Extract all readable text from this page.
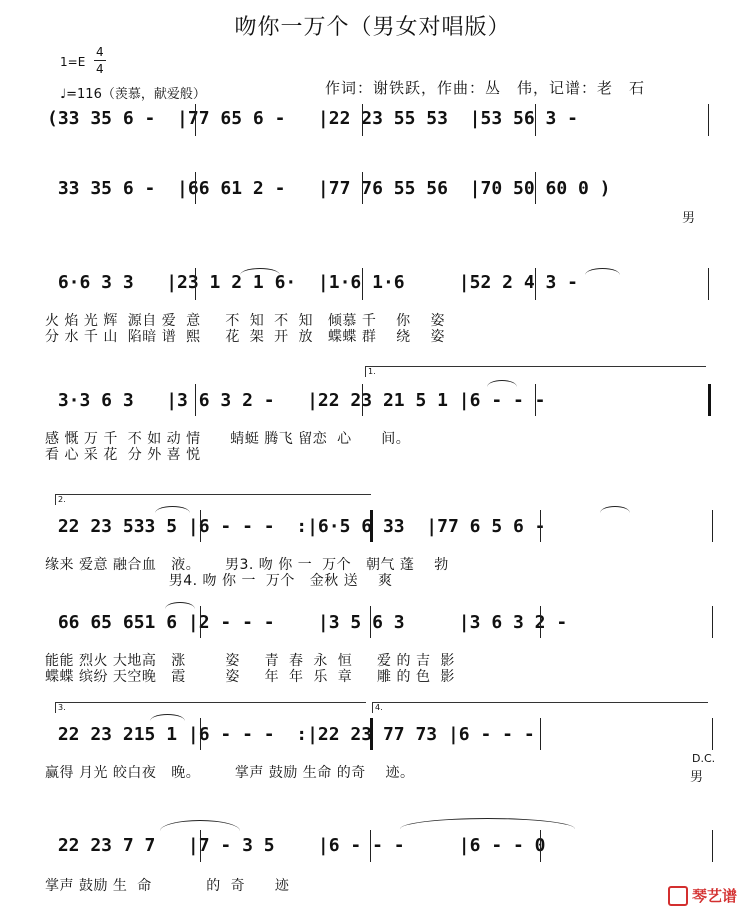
吻你一万个（男女对唱版）
1=E
4
4
♩=116（羡慕，献爱般）	作词：谢铁跃，作曲：丛　伟，记谱：老　石
(33 35 6 -  |77 65 6 -   |22 23 55 53  |53 56 3 -
33 35 6 -  |66 61 2 -   |77 76 55 56  |70 50 60 0 )
男
6·6 3 3   |23 1 2 1 6·  |1·6 1·6     |52 2 4 3 -
火 焰 光 辉  源自 爱  意     不  知  不  知   倾慕 千    你    姿
分 水 千 山  陷暗 谱  熙     花  架  开  放   蝶蝶 群    绕    姿
1.
3·3 6 3   |3 6 3 2 -   |22 23 21 5 1 |6 - - -
感 慨 万 千  不 如 动 情      蜻蜓 腾飞 留恋  心      间。
看 心 采 花  分 外 喜 悦
2.
22 23 533 5 |6 - - -  :|6·5 6 33  |77 6 5 6 -
缘来 爱意 融合血   液。     男3. 吻 你 一  万个   朝气 蓬    勃
男4. 吻 你 一  万个   金秋 送    爽
66 65 651 6 |2 - - -    |3 5 6 3     |3 6 3 2 -
能能 烈火 大地高   涨        姿     青  春  永  恒     爱 的 吉  影
蝶蝶 缤纷 天空晚   霞        姿     年  年  乐  章     雕 的 色  影
3.	4.
22 23 215 1 |6 - - -  :|22 23 77 73 |6 - - -
赢得 月光 皎白夜   晚。       掌声 鼓励 生命 的奇    迹。
D.C.
男
22 23 7 7   |7 - 3 5    |6 - - -     |6 - - 0
掌声 鼓励 生  命           的  奇      迹
琴艺谱
